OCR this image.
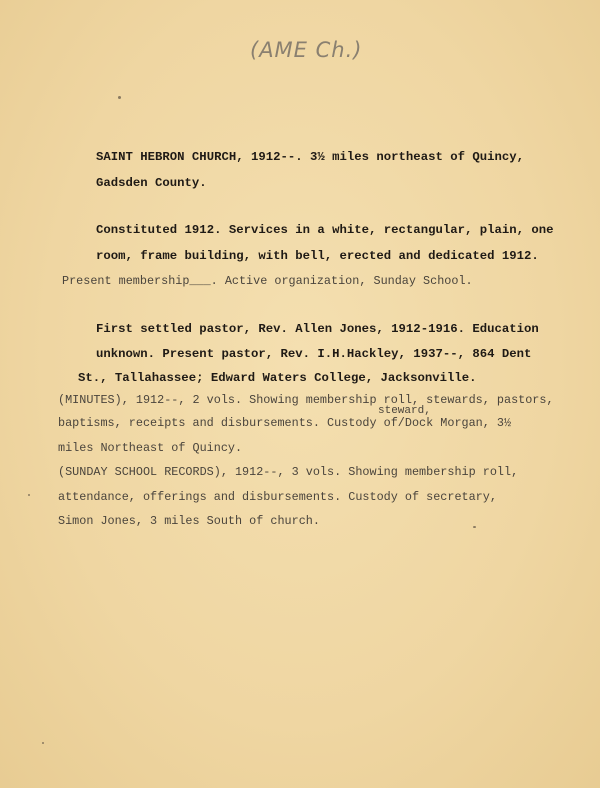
(AME Ch.)
SAINT HEBRON CHURCH, 1912--. 3½ miles northeast of Quincy,
Gadsden County.
Constituted 1912. Services in a white, rectangular, plain, one
room, frame building, with bell, erected and dedicated 1912.
Present membership___. Active organization, Sunday School.
First settled pastor, Rev. Allen Jones, 1912-1916. Education
unknown. Present pastor, Rev. I.H.Hackley, 1937--, 864 Dent
St., Tallahassee; Edward Waters College, Jacksonville.
(MINUTES), 1912--, 2 vols. Showing membership roll, stewards, pastors,
steward,
baptisms, receipts and disbursements. Custody of/Dock Morgan, 3½
miles Northeast of Quincy.
(SUNDAY SCHOOL RECORDS), 1912--, 3 vols. Showing membership roll,
attendance, offerings and disbursements. Custody of secretary,
Simon Jones, 3 miles South of church.
